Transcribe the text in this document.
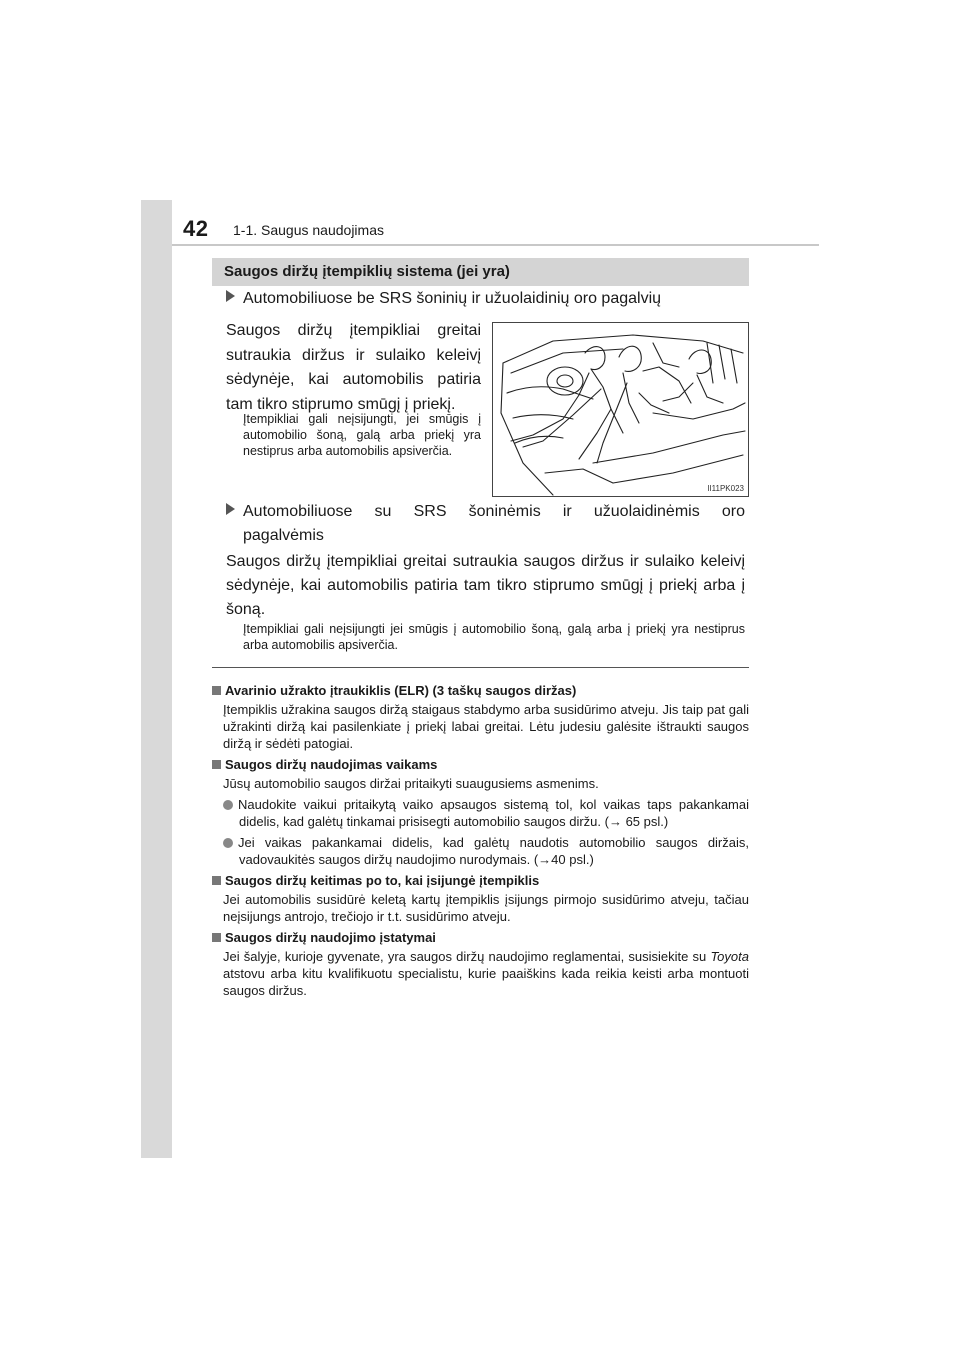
42 1-1. Saugus naudojimas
Saugos diržų įtempiklių sistema (jei yra)
Automobiliuose be SRS šoninių ir užuolaidinių oro pagalvių
Saugos diržų įtempikliai greitai sutraukia diržus ir sulaiko keleivį sėdynėje, kai automobilis patiria tam tikro stiprumo smūgį į priekį.
Įtempikliai gali neįsijungti, jei smūgis į automobilio šoną, galą arba priekį yra nestiprus arba automobilis apsiverčia.
II11PK023
Automobiliuose su SRS šoninėmis ir užuolaidinėmis oro
pagalvėmis
Saugos diržų įtempikliai greitai sutraukia saugos diržus ir sulaiko keleivį sėdynėje, kai automobilis patiria tam tikro stiprumo smūgį į priekį arba į šoną.
Įtempikliai gali neįsijungti jei smūgis į automobilio šoną, galą arba į priekį yra nestiprus arba automobilis apsiverčia.
Avarinio užrakto įtraukiklis (ELR) (3 taškų saugos diržas)
Įtempiklis užrakina saugos diržą staigaus stabdymo arba susidūrimo atveju. Jis taip pat gali užrakinti diržą kai pasilenkiate į priekį labai greitai. Lėtu judesiu galėsite ištraukti saugos diržą ir sėdėti patogiai.
Saugos diržų naudojimas vaikams
Jūsų automobilio saugos diržai pritaikyti suaugusiems asmenims.
Naudokite vaikui pritaikytą vaiko apsaugos sistemą tol, kol vaikas taps pakankamai didelis, kad galėtų tinkamai prisisegti automobilio saugos diržu. (→ 65 psl.)
Jei vaikas pakankamai didelis, kad galėtų naudotis automobilio saugos diržais, vadovaukitės saugos diržų naudojimo nurodymais. (→40 psl.)
Saugos diržų keitimas po to, kai įsijungė įtempiklis
Jei automobilis susidūrė keletą kartų įtempiklis įsijungs pirmojo susidūrimo atveju, tačiau neįsijungs antrojo, trečiojo ir t.t. susidūrimo atveju.
Saugos diržų naudojimo įstatymai
Jei šalyje, kurioje gyvenate, yra saugos diržų naudojimo reglamentai, susisiekite su Toyota atstovu arba kitu kvalifikuotu specialistu, kurie paaiškins kada reikia keisti arba montuoti saugos diržus.
